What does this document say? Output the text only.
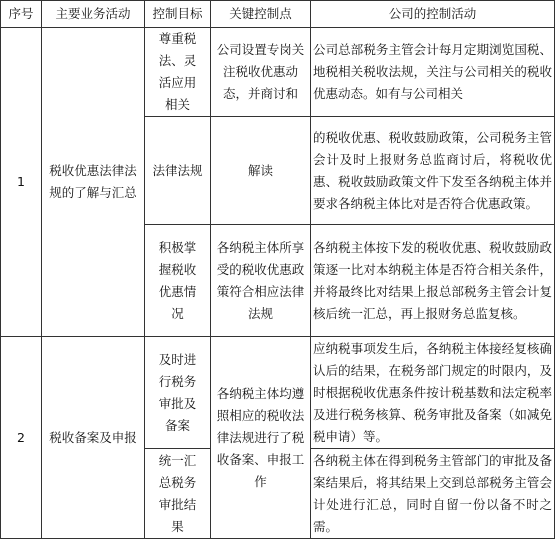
序号	主要业务活动	控制目标	关键控制点	公司的控制活动
1	税收优惠法律法规的了解与汇总	尊重税法、灵活应用相关	公司设置专岗关注税收优惠动态，并商讨和	公司总部税务主管会计每月定期浏览国税、地税相关税收法规，关注与公司相关的税收优惠动态。如有与公司相关
		法律法规	解读	的税收优惠、税收鼓励政策，公司税务主管会计及时上报财务总监商讨后，将税收优惠、税收鼓励政策文件下发至各纳税主体并要求各纳税主体比对是否符合优惠政策。
		积极掌握税收优惠情况	各纳税主体所享受的税收优惠政策符合相应法律法规	各纳税主体按下发的税收优惠、税收鼓励政策逐一比对本纳税主体是否符合相关条件，并将最终比对结果上报总部税务主管会计复核后统一汇总，再上报财务总监复核。
2	税收备案及申报	及时进行税务审批及备案	各纳税主体均遵照相应的税收法律法规进行了税收备案、申报工作	应纳税事项发生后，各纳税主体接经复核确认后的结果，在税务部门规定的时限内，及时根据税收优惠条件按计税基数和法定税率及进行税务核算、税务审批及备案（如减免税申请）等。
		统一汇总税务审批结果		各纳税主体在得到税务主管部门的审批及备案结果后，将其结果上交到总部税务主管会计处进行汇总，同时自留一份以备不时之需。
